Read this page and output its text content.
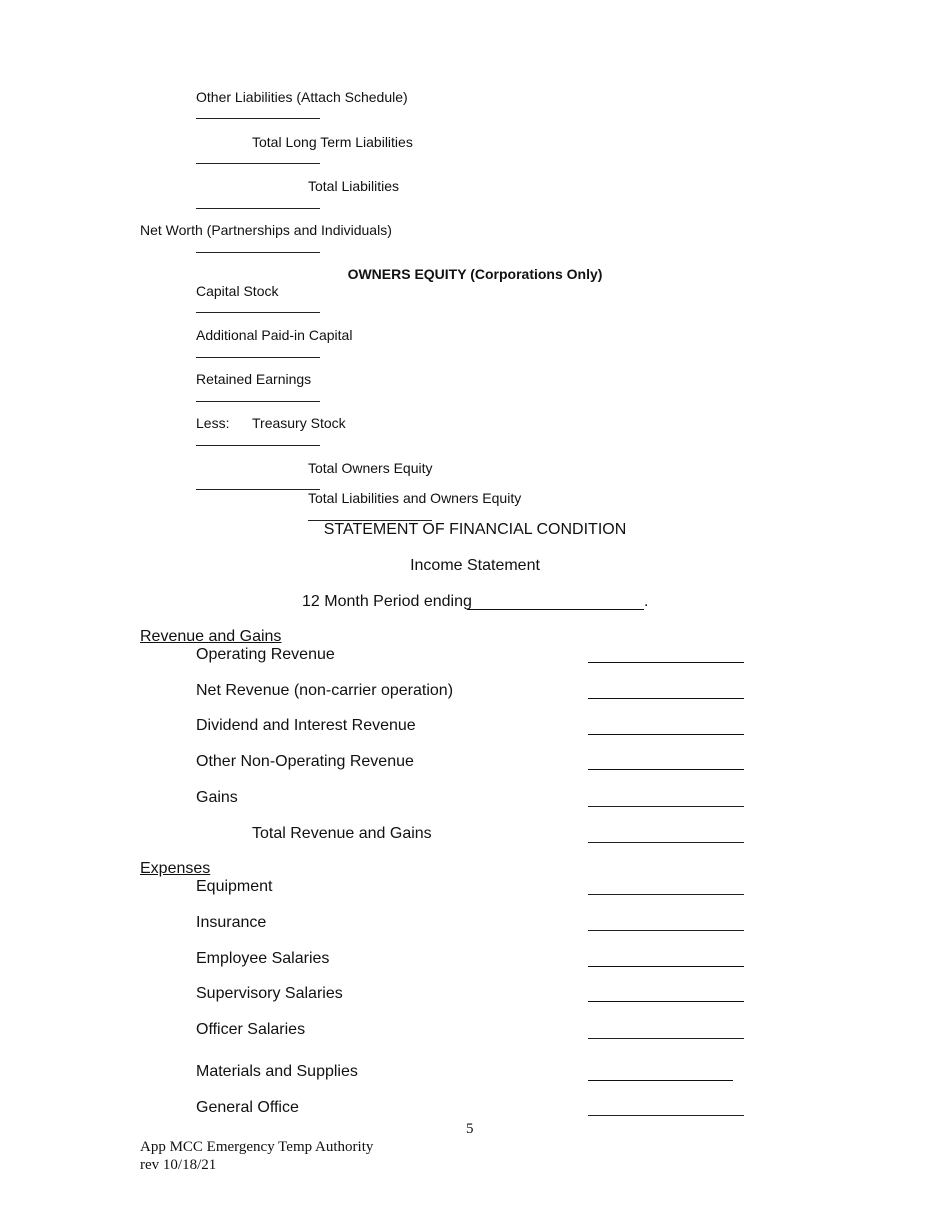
Other Liabilities (Attach Schedule)
Total Long Term Liabilities
Total Liabilities
Net Worth (Partnerships and Individuals)
OWNERS EQUITY (Corporations Only)
Capital Stock
Additional Paid-in Capital
Retained Earnings
Less: Treasury Stock
Total Owners Equity
Total Liabilities and Owners Equity
STATEMENT OF FINANCIAL CONDITION
Income Statement
12 Month Period ending	.
Revenue and Gains
Operating Revenue
Net Revenue (non-carrier operation)
Dividend and Interest Revenue
Other Non-Operating Revenue
Gains
Total Revenue and Gains
Expenses
Equipment
Insurance
Employee Salaries
Supervisory Salaries
Officer Salaries
Materials and Supplies
General Office
5
App MCC Emergency Temp Authority
rev 10/18/21
